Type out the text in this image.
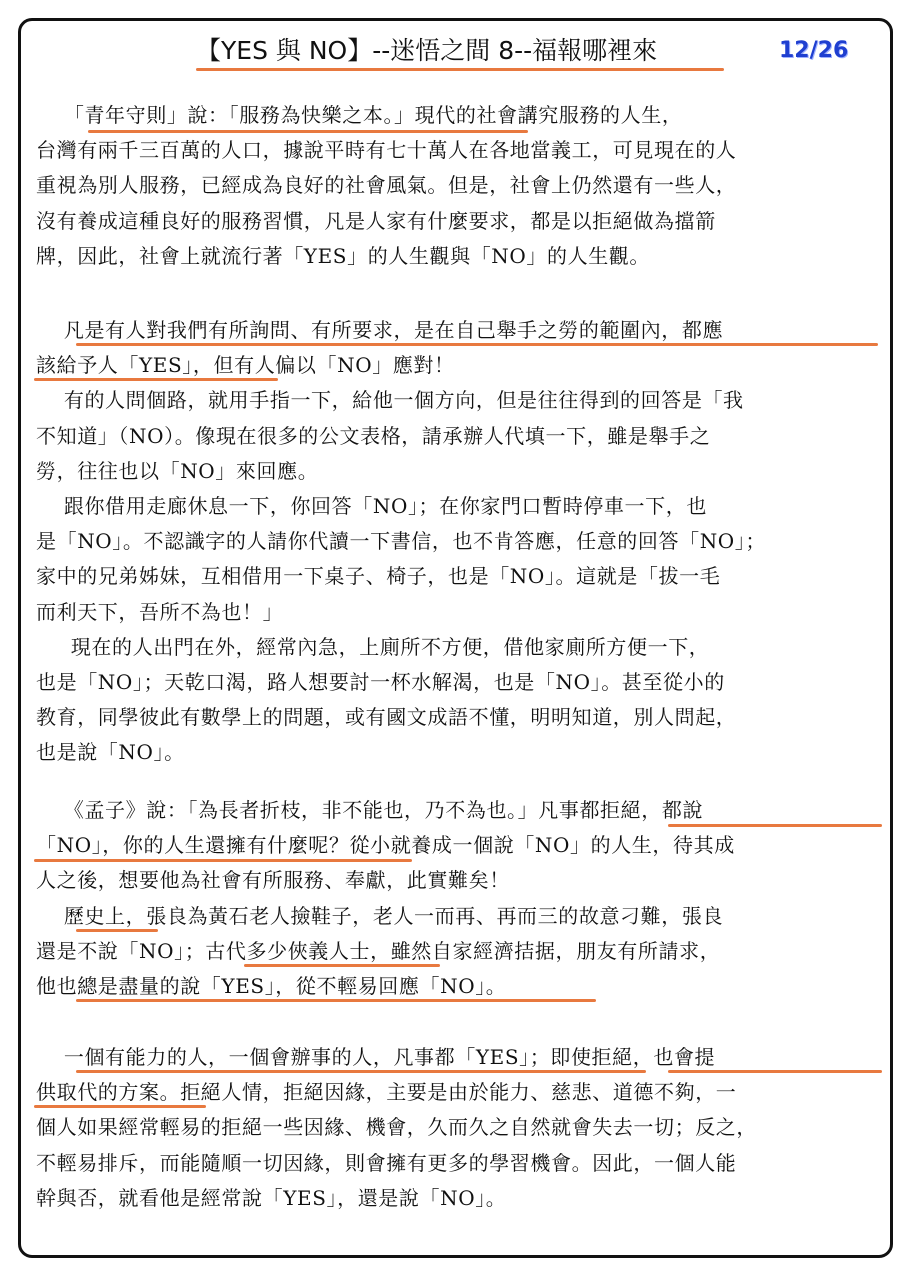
【YES 與 NO】--迷悟之間 8--福報哪裡來	12/26

「青年守則」說：「服務為快樂之本。」現代的社會講究服務的人生，
台灣有兩千三百萬的人口，據說平時有七十萬人在各地當義工，可見現在的人
重視為別人服務，已經成為良好的社會風氣。但是，社會上仍然還有一些人，
沒有養成這種良好的服務習慣，凡是人家有什麼要求，都是以拒絕做為擋箭
牌，因此，社會上就流行著「YES」的人生觀與「NO」的人生觀。

凡是有人對我們有所詢問、有所要求，是在自己舉手之勞的範圍內，都應
該給予人「YES」，但有人偏以「NO」應對！
有的人問個路，就用手指一下，給他一個方向，但是往往得到的回答是「我
不知道」（NO）。像現在很多的公文表格，請承辦人代填一下，雖是舉手之
勞，往往也以「NO」來回應。
跟你借用走廊休息一下，你回答「NO」；在你家門口暫時停車一下，也
是「NO」。不認識字的人請你代讀一下書信，也不肯答應，任意的回答「NO」；
家中的兄弟姊妹，互相借用一下桌子、椅子，也是「NO」。這就是「拔一毛
而利天下，吾所不為也！」
現在的人出門在外，經常內急，上廁所不方便，借他家廁所方便一下，
也是「NO」；天乾口渴，路人想要討一杯水解渴，也是「NO」。甚至從小的
教育，同學彼此有數學上的問題，或有國文成語不懂，明明知道，別人問起，
也是說「NO」。

《孟子》說：「為長者折枝，非不能也，乃不為也。」凡事都拒絕，都說
「NO」，你的人生還擁有什麼呢？從小就養成一個說「NO」的人生，待其成
人之後，想要他為社會有所服務、奉獻，此實難矣！
歷史上，張良為黃石老人撿鞋子，老人一而再、再而三的故意刁難，張良
還是不說「NO」；古代多少俠義人士，雖然自家經濟拮据，朋友有所請求，
他也總是盡量的說「YES」，從不輕易回應「NO」。

一個有能力的人，一個會辦事的人，凡事都「YES」；即使拒絕，也會提
供取代的方案。拒絕人情，拒絕因緣，主要是由於能力、慈悲、道德不夠，一
個人如果經常輕易的拒絕一些因緣、機會，久而久之自然就會失去一切；反之，
不輕易排斥，而能隨順一切因緣，則會擁有更多的學習機會。因此，一個人能
幹與否，就看他是經常說「YES」，還是說「NO」。
